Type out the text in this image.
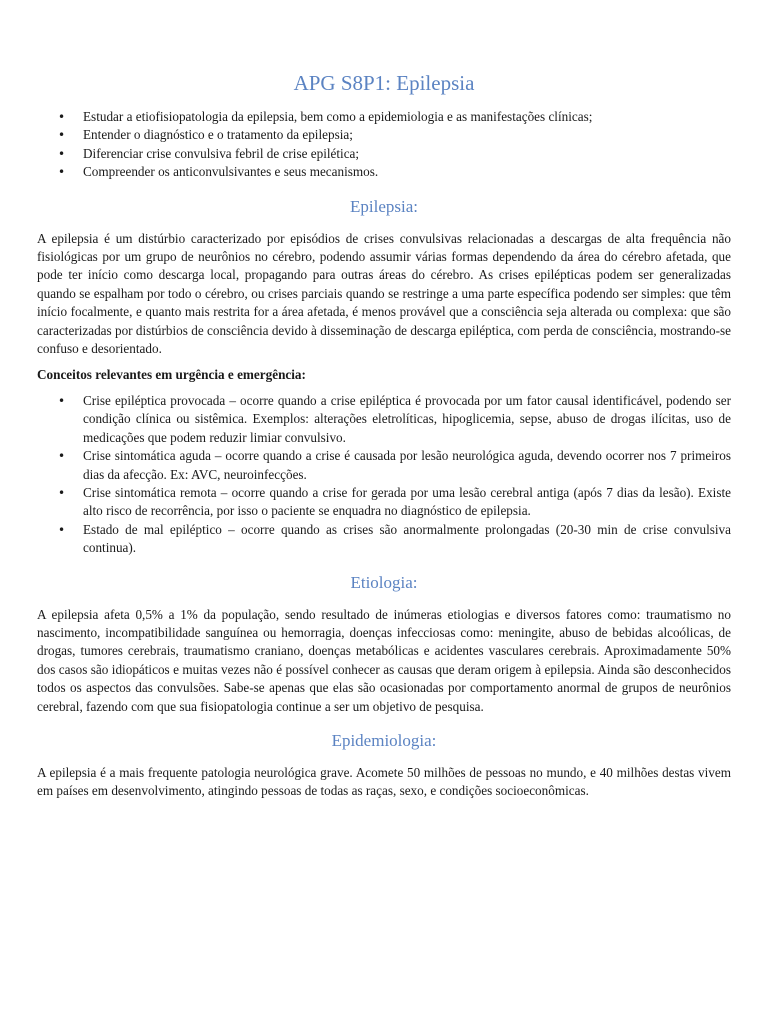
APG S8P1: Epilepsia
• Estudar a etiofisiopatologia da epilepsia, bem como a epidemiologia e as manifestações clínicas;
• Entender o diagnóstico e o tratamento da epilepsia;
• Diferenciar crise convulsiva febril de crise epilética;
• Compreender os anticonvulsivantes e seus mecanismos.
Epilepsia:

A epilepsia é um distúrbio caracterizado por episódios de crises convulsivas relacionadas a descargas de alta frequência não fisiológicas por um grupo de neurônios no cérebro, podendo assumir várias formas dependendo da área do cérebro afetada, que pode ter início como descarga local, propagando para outras áreas do cérebro. As crises epilépticas podem ser generalizadas quando se espalham por todo o cérebro, ou crises parciais quando se restringe a uma parte específica podendo ser simples: que têm início focalmente, e quanto mais restrita for a área afetada, é menos provável que a consciência seja alterada ou complexa: que são caracterizadas por distúrbios de consciência devido à disseminação de descarga epiléptica, com perda de consciência, mostrando-se confuso e desorientado.

Conceitos relevantes em urgência e emergência:

• Crise epiléptica provocada – ocorre quando a crise epiléptica é provocada por um fator causal identificável, podendo ser condição clínica ou sistêmica. Exemplos: alterações eletrolíticas, hipoglicemia, sepse, abuso de drogas ilícitas, uso de medicações que podem reduzir limiar convulsivo.
• Crise sintomática aguda – ocorre quando a crise é causada por lesão neurológica aguda, devendo ocorrer nos 7 primeiros dias da afecção. Ex: AVC, neuroinfecções.
• Crise sintomática remota – ocorre quando a crise for gerada por uma lesão cerebral antiga (após 7 dias da lesão). Existe alto risco de recorrência, por isso o paciente se enquadra no diagnóstico de epilepsia.
• Estado de mal epiléptico – ocorre quando as crises são anormalmente prolongadas (20-30 min de crise convulsiva continua).
Etiologia:

A epilepsia afeta 0,5% a 1% da população, sendo resultado de inúmeras etiologias e diversos fatores como: traumatismo no nascimento, incompatibilidade sanguínea ou hemorragia, doenças infecciosas como: meningite, abuso de bebidas alcoólicas, de drogas, tumores cerebrais, traumatismo craniano, doenças metabólicas e acidentes vasculares cerebrais. Aproximadamente 50% dos casos são idiopáticos e muitas vezes não é possível conhecer as causas que deram origem à epilepsia. Ainda são desconhecidos todos os aspectos das convulsões. Sabe-se apenas que elas são ocasionadas por comportamento anormal de grupos de neurônios cerebral, fazendo com que sua fisiopatologia continue a ser um objetivo de pesquisa.

Epidemiologia:

A epilepsia é a mais frequente patologia neurológica grave. Acomete 50 milhões de pessoas no mundo, e 40 milhões destas vivem em países em desenvolvimento, atingindo pessoas de todas as raças, sexo, e condições socioeconômicas.
